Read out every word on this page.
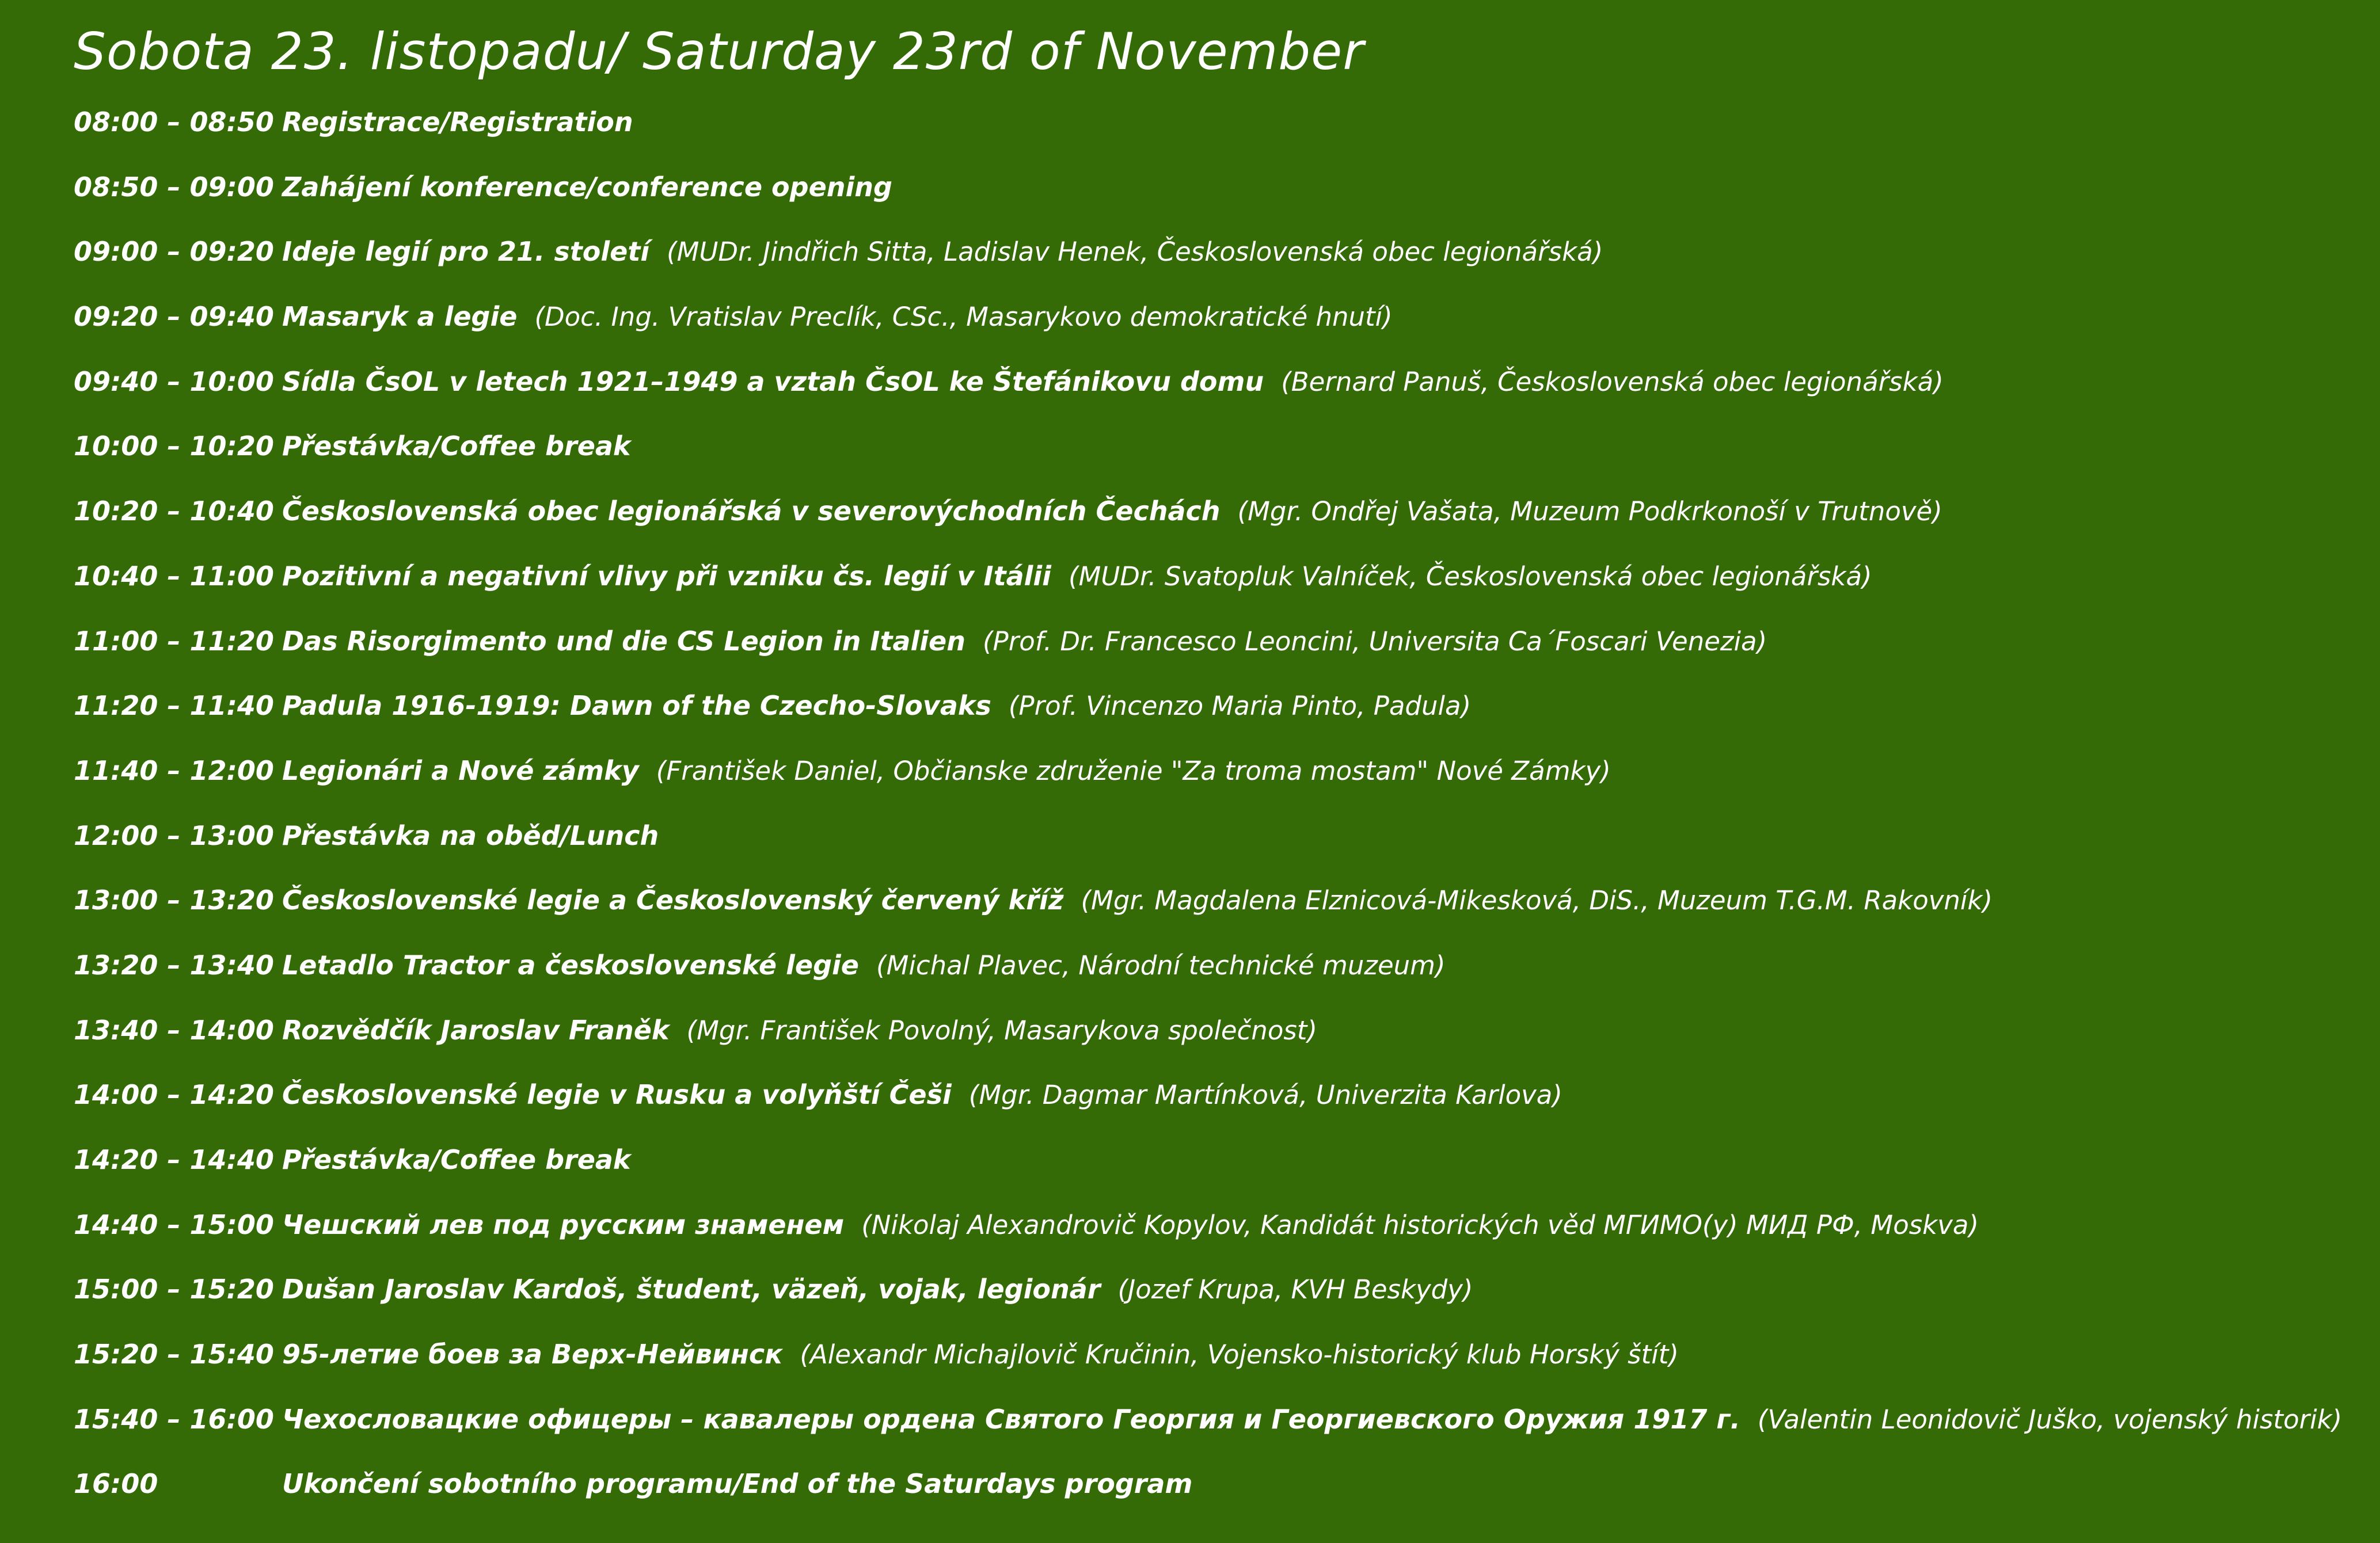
Sobota 23. listopadu/ Saturday 23rd of November
08:00 – 08:50 Registrace/Registration
08:50 – 09:00 Zahájení konference/conference opening
09:00 – 09:20 Ideje legií pro 21. století (MUDr. Jindřich Sitta, Ladislav Henek, Československá obec legionářská)
09:20 – 09:40 Masaryk a legie (Doc. Ing. Vratislav Preclík, CSc., Masarykovo demokratické hnutí)
09:40 – 10:00 Sídla ČsOL v letech 1921–1949 a vztah ČsOL ke Štefánikovu domu (Bernard Panuš, Československá obec legionářská)
10:00 – 10:20 Přestávka/Coffee break
10:20 – 10:40 Československá obec legionářská v severovýchodních Čechách (Mgr. Ondřej Vašata, Muzeum Podkrkonoší v Trutnově)
10:40 – 11:00 Pozitivní a negativní vlivy při vzniku čs. legií v Itálii (MUDr. Svatopluk Valníček, Československá obec legionářská)
11:00 – 11:20 Das Risorgimento und die CS Legion in Italien (Prof. Dr. Francesco Leoncini, Universita Ca´Foscari Venezia)
11:20 – 11:40 Padula 1916-1919: Dawn of the Czecho-Slovaks (Prof. Vincenzo Maria Pinto, Padula)
11:40 – 12:00 Legionári a Nové zámky (František Daniel, Občianske združenie "Za troma mostam" Nové Zámky)
12:00 – 13:00 Přestávka na oběd/Lunch
13:00 – 13:20 Československé legie a Československý červený kříž (Mgr. Magdalena Elznicová-Mikesková, DiS., Muzeum T.G.M. Rakovník)
13:20 – 13:40 Letadlo Tractor a československé legie (Michal Plavec, Národní technické muzeum)
13:40 – 14:00 Rozvědčík Jaroslav Franěk (Mgr. František Povolný, Masarykova společnost)
14:00 – 14:20 Československé legie v Rusku a volyňští Češi (Mgr. Dagmar Martínková, Univerzita Karlova)
14:20 – 14:40 Přestávka/Coffee break
14:40 – 15:00 Чешский лев под русским знаменем (Nikolaj Alexandrovič Kopylov, Kandidát historických věd МГИМО(у) МИД РФ, Moskva)
15:00 – 15:20 Dušan Jaroslav Kardoš, študent, väzeň, vojak, legionár (Jozef Krupa, KVH Beskydy)
15:20 – 15:40 95-летие боев за Верх-Нейвинск (Alexandr Michajlovič Kručinin, Vojensko-historický klub Horský štít)
15:40 – 16:00 Чехословацкие офицеры – кавалеры ордена Святого Георгия и Георгиевского Оружия 1917 г. (Valentin Leonidovič Juško, vojenský historik)
16:00	Ukončení sobotního programu/End of the Saturdays program
